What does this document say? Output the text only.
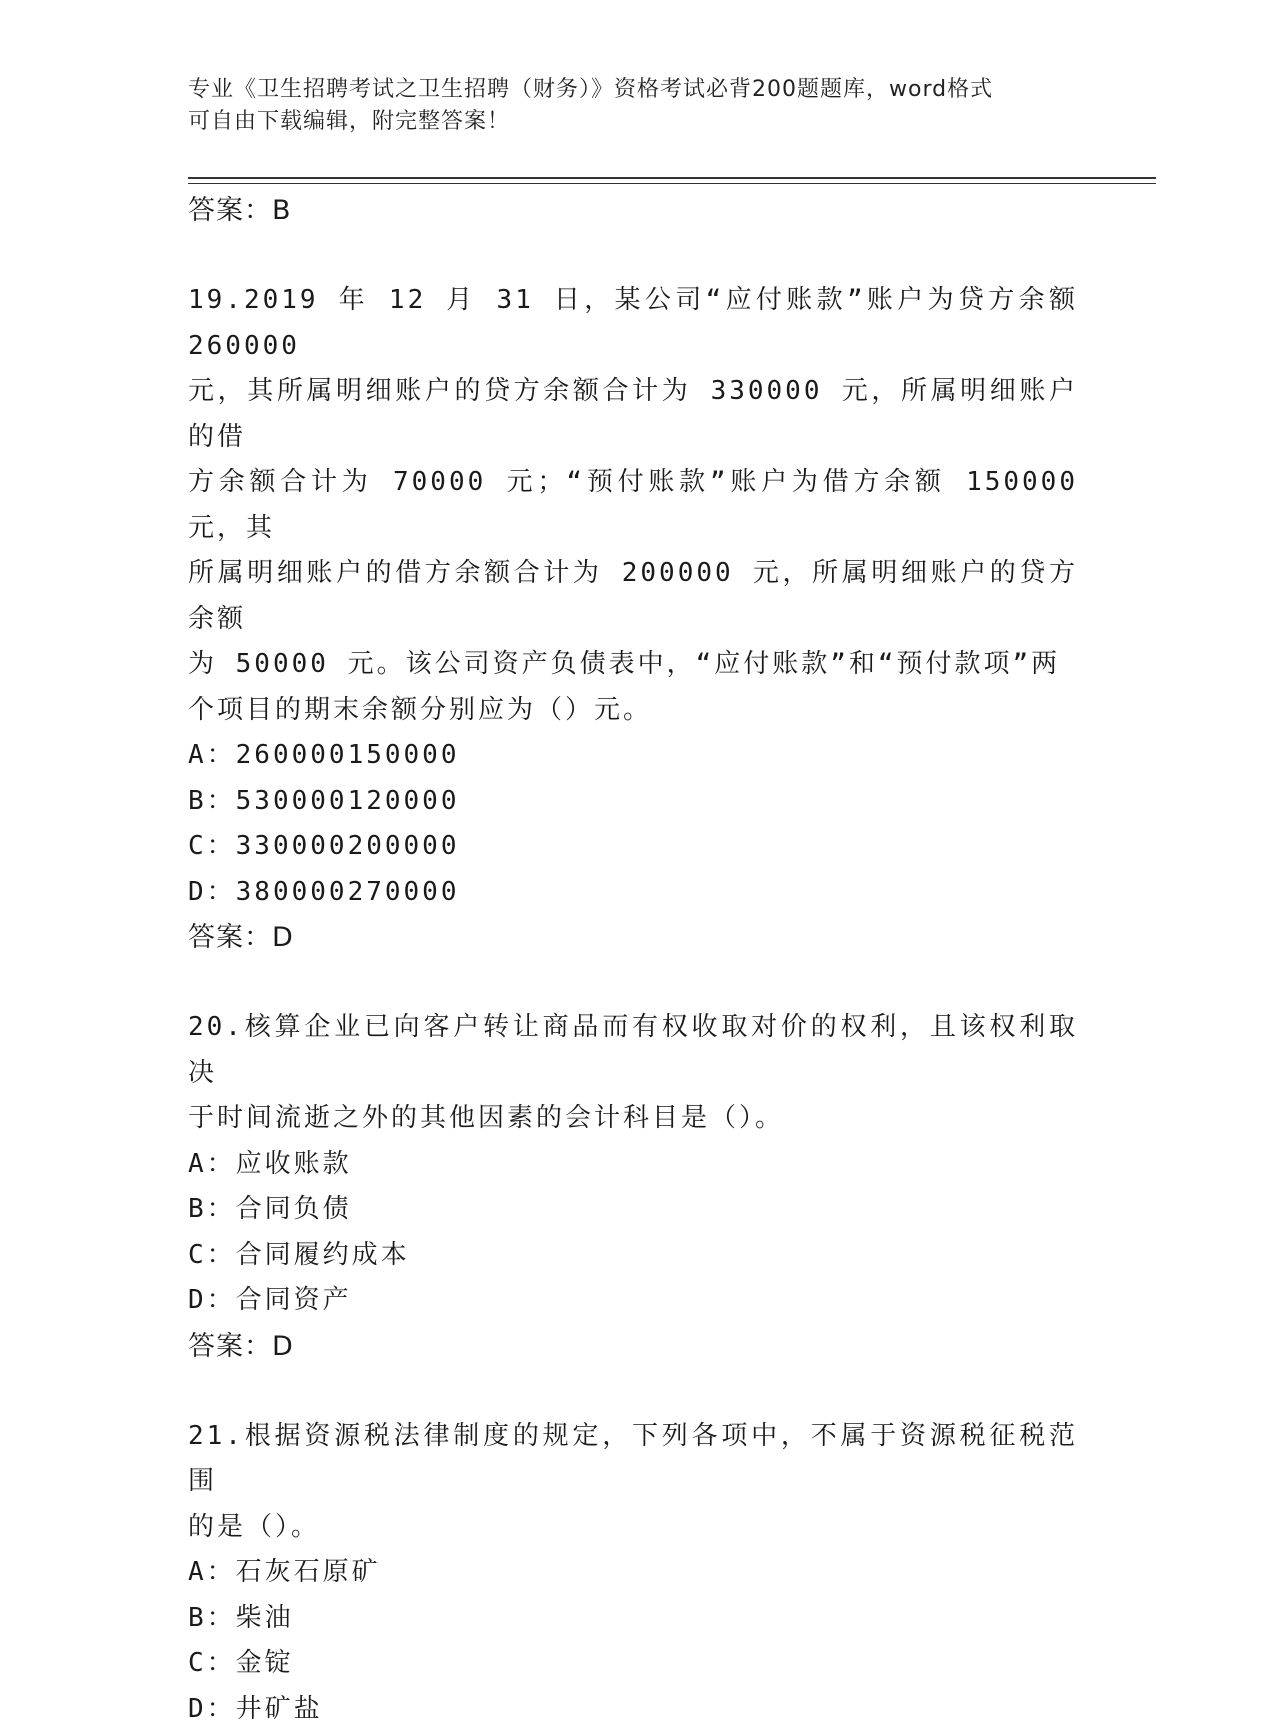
专业《卫生招聘考试之卫生招聘（财务）》资格考试必背200题题库，word格式
可自由下载编辑，附完整答案！
答案：B
19.2019 年 12 月 31 日，某公司“应付账款”账户为贷方余额 260000
元，其所属明细账户的贷方余额合计为 330000 元，所属明细账户的借
方余额合计为 70000 元；“预付账款”账户为借方余额 150000 元，其
所属明细账户的借方余额合计为 200000 元，所属明细账户的贷方余额
为 50000 元。该公司资产负债表中，“应付账款”和“预付款项”两
个项目的期末余额分别应为（）元。
A：260000150000
B：530000120000
C：330000200000
D：380000270000
答案：D
20.核算企业已向客户转让商品而有权收取对价的权利，且该权利取决
于时间流逝之外的其他因素的会计科目是（）。
A：应收账款
B：合同负债
C：合同履约成本
D：合同资产
答案：D
21.根据资源税法律制度的规定，下列各项中，不属于资源税征税范围
的是（）。
A：石灰石原矿
B：柴油
C：金锭
D：井矿盐
